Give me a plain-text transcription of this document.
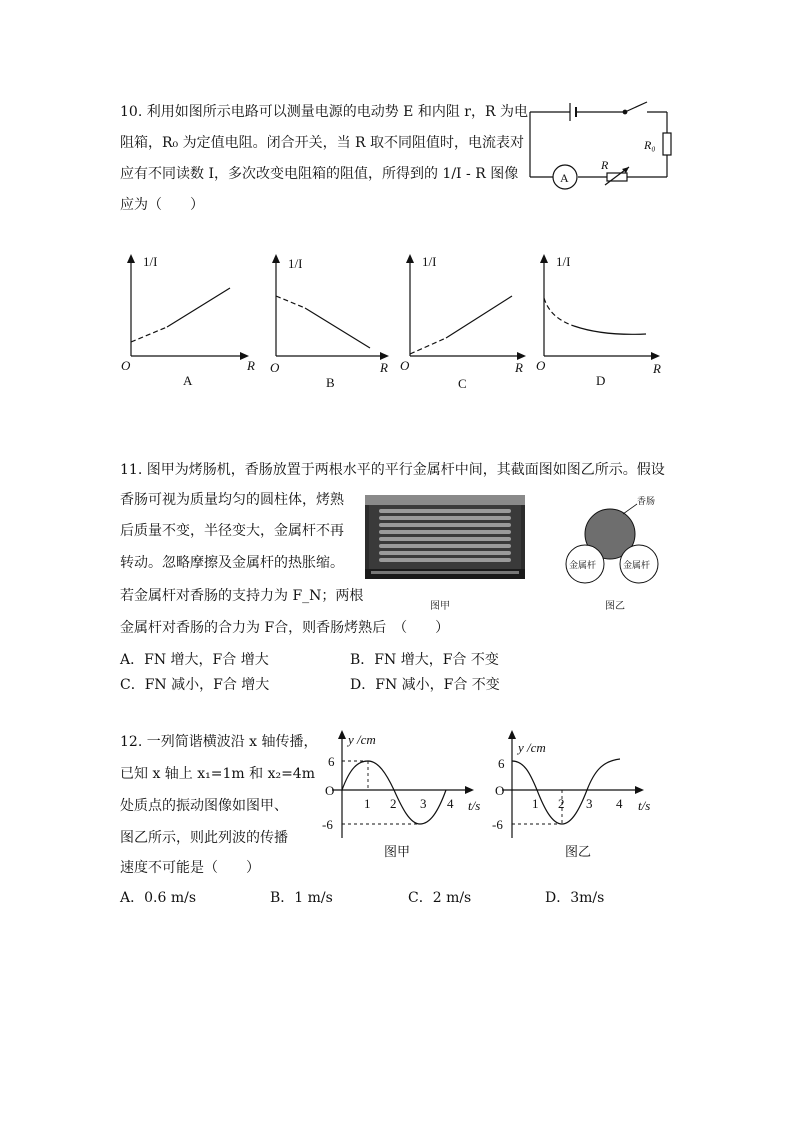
10. 利用如图所示电路可以测量电源的电动势 E 和内阻 r，R 为电
阻箱，R₀ 为定值电阻。闭合开关，当 R 取不同阻值时，电流表对
应有不同读数 I，多次改变电阻箱的阻值，所得到的 1/I - R 图像
应为（　　）
R₀
A
R
1/I
O	R
A
1/I
O	R
B
1/I
O	R
C
1/I
O	R
D
11. 图甲为烤肠机，香肠放置于两根水平的平行金属杆中间，其截面图如图乙所示。假设
香肠可视为质量均匀的圆柱体，烤熟
后质量不变，半径变大，金属杆不再
转动。忽略摩擦及金属杆的热胀缩。
若金属杆对香肠的支持力为 F_N；两根
金属杆对香肠的合力为 F合，则香肠烤熟后　（　　）
图甲
香肠
金属杆	金属杆
图乙
A．FN 增大，F合 增大	B．FN 增大，F合 不变
C．FN 减小，F合 增大	D．FN 减小，F合 不变
12. 一列简谐横波沿 x 轴传播，
已知 x 轴上 x₁=1m 和 x₂=4m
处质点的振动图像如图甲、
图乙所示，则此列波的传播
速度不可能是（　　）
y /cm
O
6
-6
1 2 3 4 t/s
图甲
y /cm
O
6
-6
1 2 3 4 t/s
图乙
A．0.6 m/s	B．1 m/s	C．2 m/s	D．3m/s
